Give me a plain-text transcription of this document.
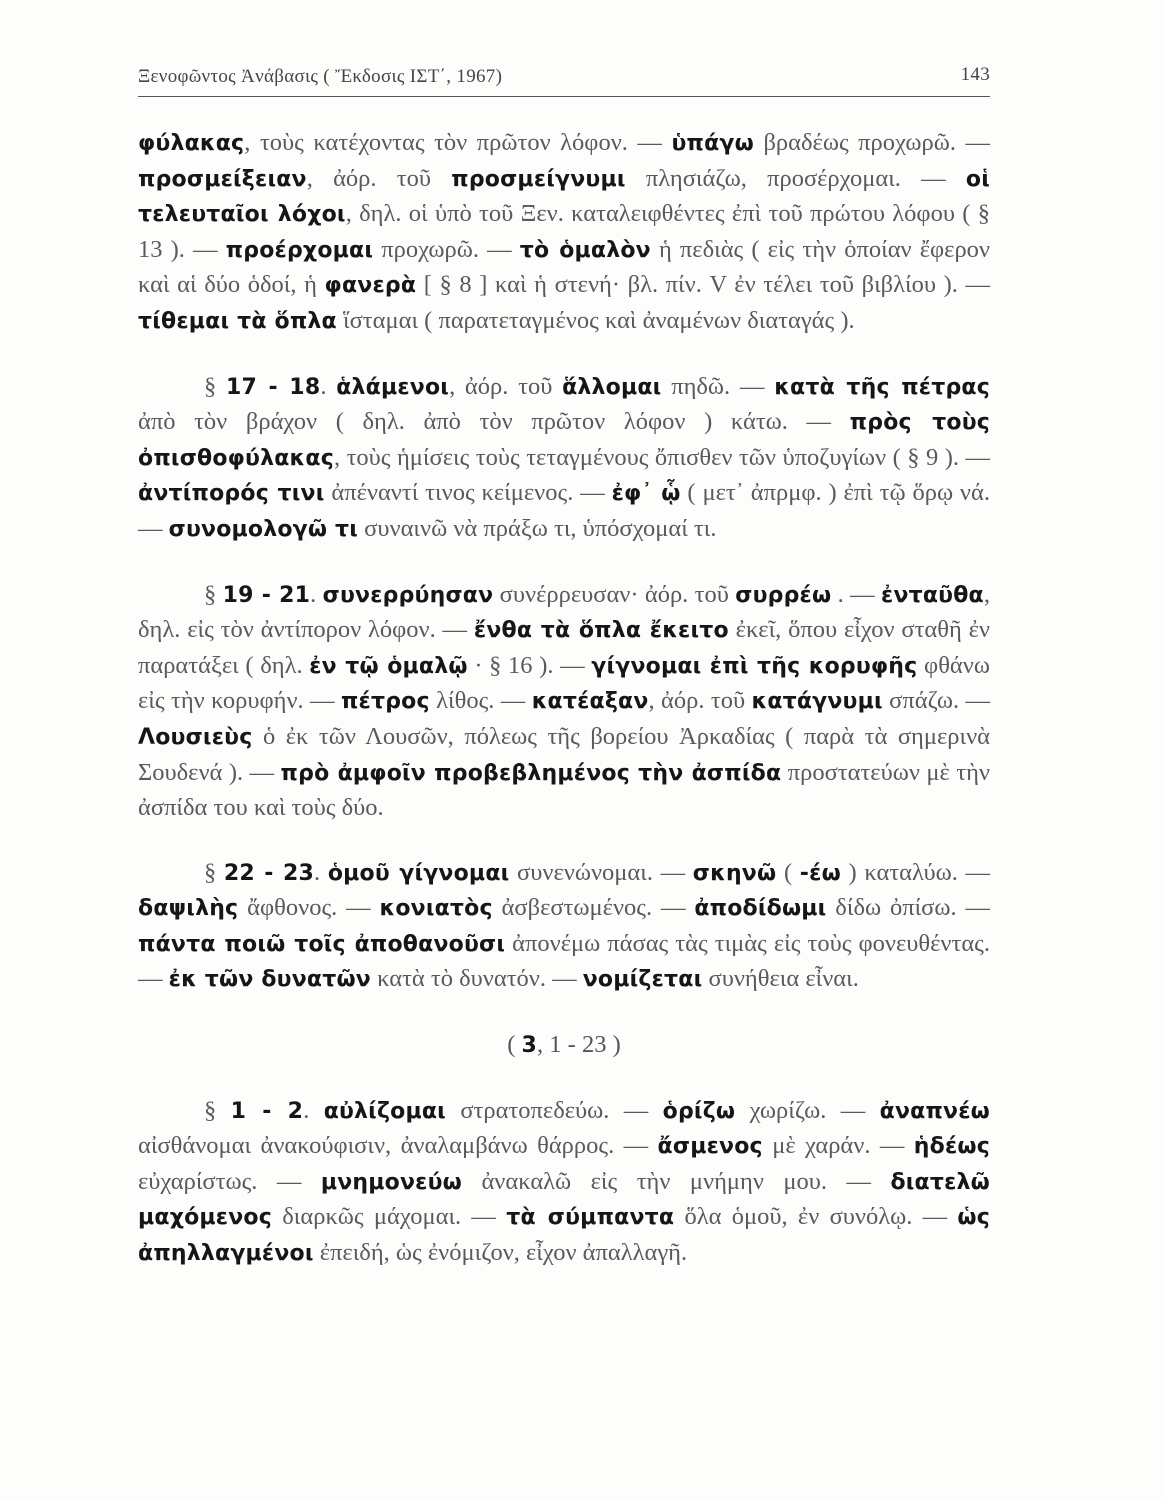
Ξενοφῶντος Ἀνάβασις ( Ἔκδοσις ΙΣΤ΄, 1967)	143

φύλακας, τοὺς κατέχοντας τὸν πρῶτον λόφον. — ὑπάγω βραδέως προχωρῶ. — προσμείξειαν, ἀόρ. τοῦ προσμείγνυμι πλησιάζω, προσέρχομαι. — οἱ τελευταῖοι λόχοι, δηλ. οἱ ὑπὸ τοῦ Ξεν. καταλειφθέντες ἐπὶ τοῦ πρώτου λόφου ( § 13 ). — προέρχομαι προχωρῶ. — τὸ ὁμαλὸν ἡ πεδιὰς ( εἰς τὴν ὁποίαν ἔφερον καὶ αἱ δύο ὁδοί, ἡ φανερὰ [ § 8 ] καὶ ἡ στενή· βλ. πίν. V ἐν τέλει τοῦ βιβλίου ). — τίθεμαι τὰ ὅπλα ἵσταμαι ( παρατεταγμένος καὶ ἀναμένων διαταγάς ).

§ 17 - 18. ἁλάμενοι, ἀόρ. τοῦ ἅλλομαι πηδῶ. — κατὰ τῆς πέτρας ἀπὸ τὸν βράχον ( δηλ. ἀπὸ τὸν πρῶτον λόφον ) κάτω. — πρὸς τοὺς ὀπισθοφύλακας, τοὺς ἡμίσεις τοὺς τεταγμένους ὄπισθεν τῶν ὑποζυγίων ( § 9 ). — ἀντίπορός τινι ἀπέναντί τινος κείμενος. — ἐφ᾽ ᾧ ( μετ᾽ ἀπρμφ. ) ἐπὶ τῷ ὅρῳ νά. — συνομολογῶ τι συναινῶ νὰ πράξω τι, ὑπόσχομαί τι.

§ 19 - 21. συνερρύησαν συνέρρευσαν· ἀόρ. τοῦ συρρέω . — ἐνταῦθα, δηλ. εἰς τὸν ἀντίπορον λόφον. — ἔνθα τὰ ὅπλα ἔκειτο ἐκεῖ, ὅπου εἶχον σταθῆ ἐν παρατάξει ( δηλ. ἐν τῷ ὁμαλῷ · § 16 ). — γίγνομαι ἐπὶ τῆς κορυφῆς φθάνω εἰς τὴν κορυφήν. — πέτρος λίθος. — κατέαξαν, ἀόρ. τοῦ κατάγνυμι σπάζω. — Λουσιεὺς ὁ ἐκ τῶν Λουσῶν, πόλεως τῆς βορείου Ἀρκαδίας ( παρὰ τὰ σημερινὰ Σουδενά ). — πρὸ ἀμφοῖν προβεβλημένος τὴν ἀσπίδα προστατεύων μὲ τὴν ἀσπίδα του καὶ τοὺς δύο.

§ 22 - 23. ὁμοῦ γίγνομαι συνενώνομαι. — σκηνῶ ( -έω ) καταλύω. — δαψιλὴς ἄφθονος. — κονιατὸς ἀσβεστωμένος. — ἀποδίδωμι δίδω ὀπίσω. — πάντα ποιῶ τοῖς ἀποθανοῦσι ἀπονέμω πάσας τὰς τιμὰς εἰς τοὺς φονευθέντας. — ἐκ τῶν δυνατῶν κατὰ τὸ δυνατόν. — νομίζεται συνήθεια εἶναι.

( 3, 1 - 23 )

§ 1 - 2. αὐλίζομαι στρατοπεδεύω. — ὁρίζω χωρίζω. — ἀναπνέω αἰσθάνομαι ἀνακούφισιν, ἀναλαμβάνω θάρρος. — ἄσμενος μὲ χαράν. — ἡδέως εὐχαρίστως. — μνημονεύω ἀνακαλῶ εἰς τὴν μνήμην μου. — διατελῶ μαχόμενος διαρκῶς μάχομαι. — τὰ σύμπαντα ὅλα ὁμοῦ, ἐν συνόλῳ. — ὡς ἀπηλλαγμένοι ἐπειδή, ὡς ἐνόμιζον, εἶχον ἀπαλλαγῆ.
